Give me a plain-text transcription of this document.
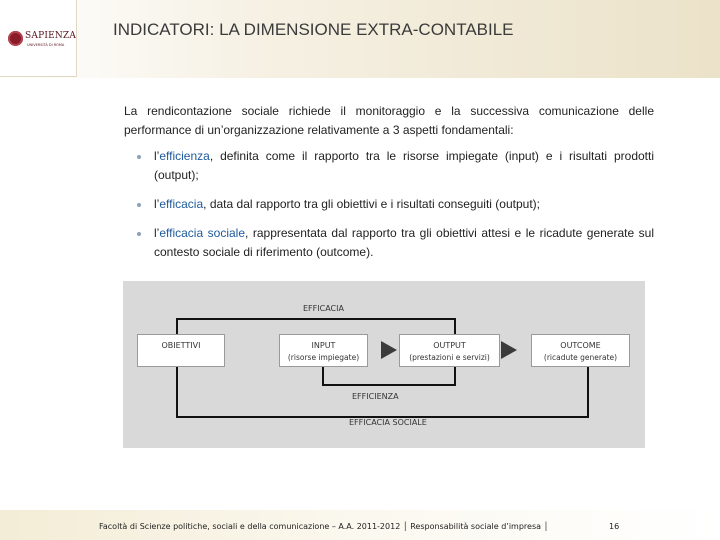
SAPIENZA
UNIVERSITÀ DI ROMA
INDICATORI: LA DIMENSIONE EXTRA-CONTABILE
La rendicontazione sociale richiede il monitoraggio e la successiva comunicazione delle performance di un’organizzazione relativamente a 3 aspetti fondamentali:
l’efficienza, definita come il rapporto tra le risorse impiegate (input) e i risultati prodotti (output);
l’efficacia, data dal rapporto tra gli obiettivi e i risultati conseguiti (output);
l’efficacia sociale, rappresentata dal rapporto tra gli obiettivi attesi e le ricadute generate sul contesto sociale di riferimento (outcome).
OBIETTIVI	INPUT
(risorse impiegate)
OUTPUT
(prestazioni e servizi)
OUTCOME
(ricadute generate)
EFFICACIA
EFFICIENZA
EFFICACIA SOCIALE
Facoltà di Scienze politiche, sociali e della comunicazione – A.A. 2011-2012 │ Responsabilità sociale d’impresa │	16
